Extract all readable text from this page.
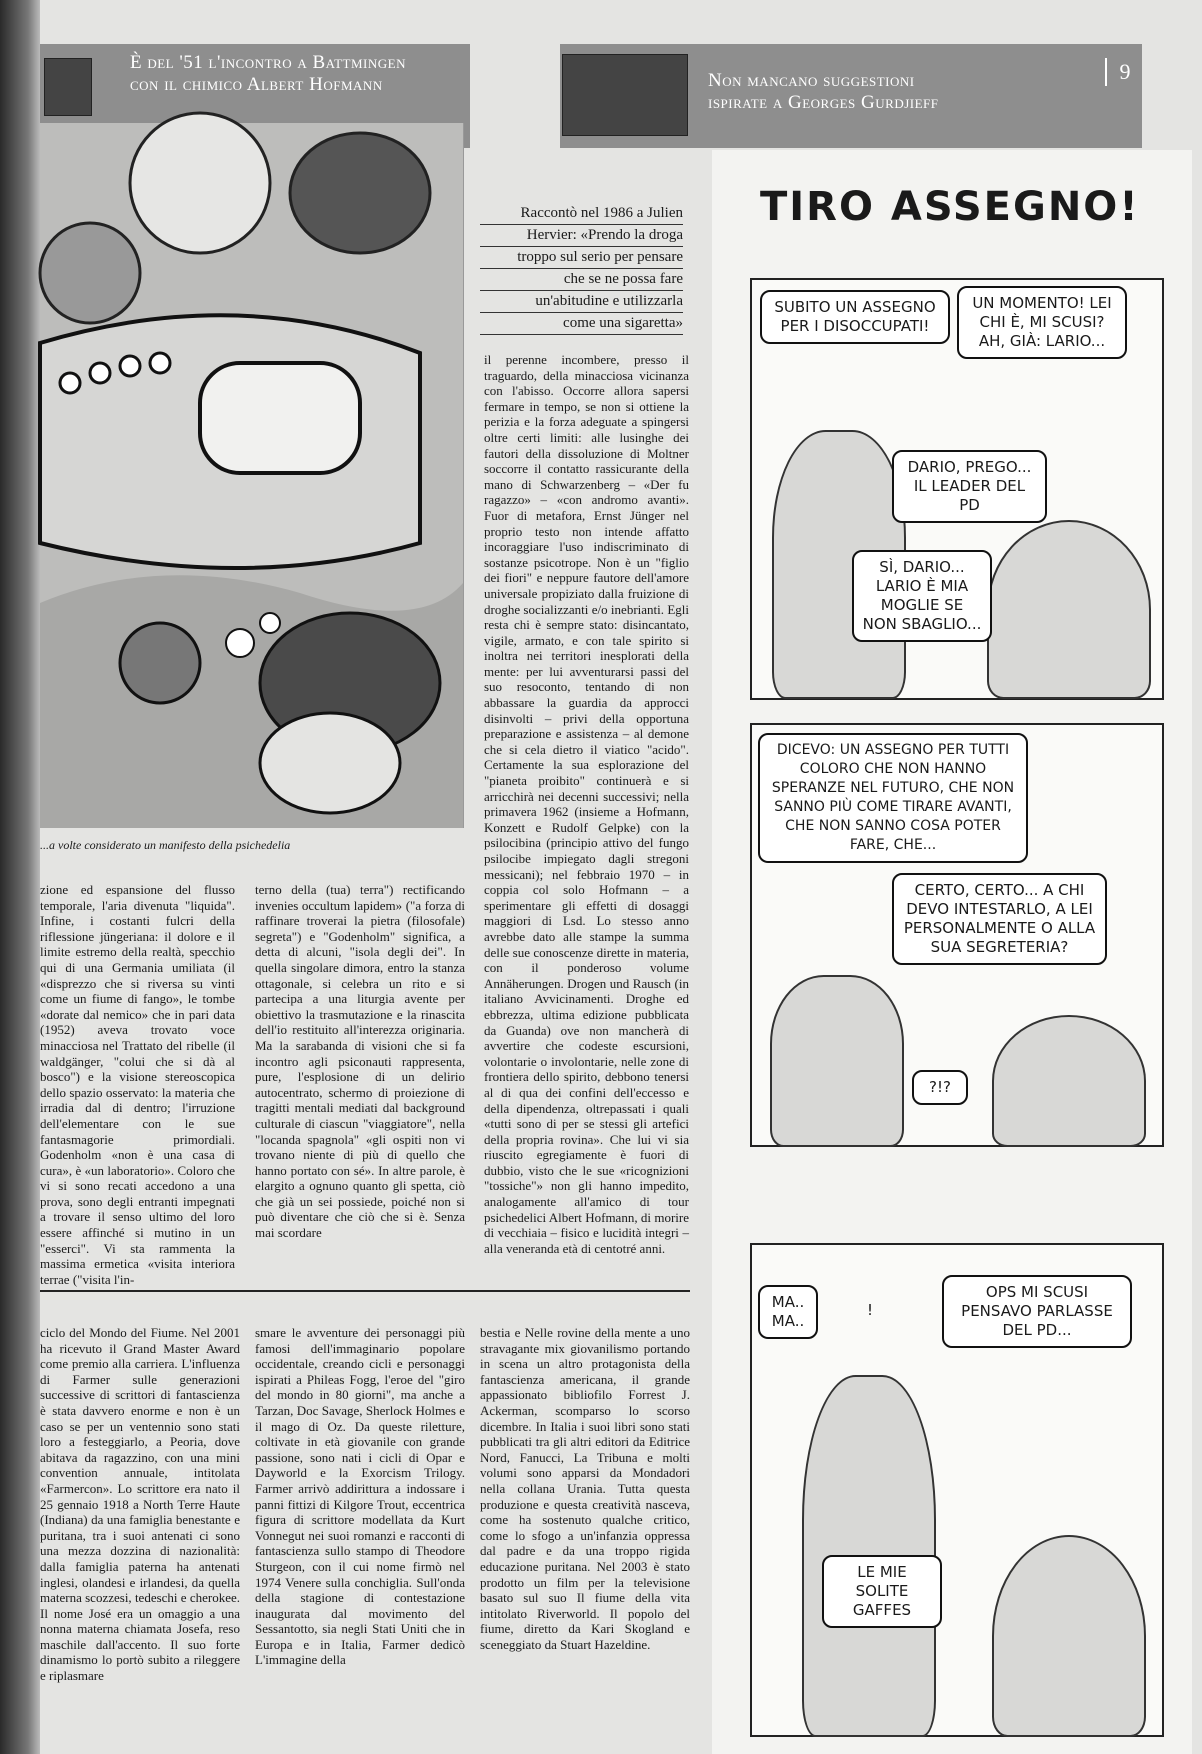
È del '51 l'incontro a Battmingen
con il chimico Albert Hofmann	Non mancano suggestioni
ispirate a Georges Gurdjieff
9
...a volte considerato un manifesto della psichedelia
Raccontò nel 1986 a Julien
Hervier: «Prendo la droga
troppo sul serio per pensare
che se ne possa fare
un'abitudine e utilizzarla
come una sigaretta»
il perenne incombere, presso il traguardo, della minacciosa vicinanza con l'abisso. Occorre allora sapersi fermare in tempo, se non si ottiene la perizia e la forza adeguate a spingersi oltre certi limiti: alle lusinghe dei fautori della dissoluzione di Moltner soccorre il contatto rassicurante della mano di Schwarzenberg – «Der fu ragazzo» – «con andromo avanti». Fuor di metafora, Ernst Jünger nel proprio testo non intende affatto incoraggiare l'uso indiscriminato di sostanze psicotrope. Non è un "figlio dei fiori" e neppure fautore dell'amore universale propiziato dalla fruizione di droghe socializzanti e/o inebrianti. Egli resta chi è sempre stato: disincantato, vigile, armato, e con tale spirito si inoltra nei territori inesplorati della mente: per lui avventurarsi passi del suo resoconto, tentando di non abbassare la guardia da approcci disinvolti – privi della opportuna preparazione e assistenza – al demone che si cela dietro il viatico "acido". Certamente la sua esplorazione del "pianeta proibito" continuerà e si arricchirà nei decenni successivi; nella primavera 1962 (insieme a Hofmann, Konzett e Rudolf Gelpke) con la psilocibina (principio attivo del fungo psilocibe impiegato dagli stregoni messicani); nel febbraio 1970 – in coppia col solo Hofmann – a sperimentare gli effetti di dosaggi maggiori di Lsd. Lo stesso anno avrebbe dato alle stampe la summa delle sue conoscenze dirette in materia, con il ponderoso volume Annäherungen. Drogen und Rausch (in italiano Avvicinamenti. Droghe ed ebbrezza, ultima edizione pubblicata da Guanda) ove non mancherà di avvertire che codeste escursioni, volontarie o involontarie, nelle zone di frontiera dello spirito, debbono tenersi al di qua dei confini dell'eccesso e della dipendenza, oltrepassati i quali «tutti sono di per se stessi gli artefici della propria rovina». Che lui vi sia riuscito egregiamente è fuori di dubbio, visto che le sue «ricognizioni "tossiche"» non gli hanno impedito, analogamente all'amico di tour psichedelici Albert Hofmann, di morire di vecchiaia – fisico e lucidità integri – alla veneranda età di centotré anni.
zione ed espansione del flusso temporale, l'aria divenuta "liquida". Infine, i costanti fulcri della riflessione jüngeriana: il dolore e il limite estremo della realtà, specchio qui di una Germania umiliata (il «disprezzo che si riversa su vinti come un fiume di fango», le tombe «dorate dal nemico» che in pari data (1952) aveva trovato voce minacciosa nel Trattato del ribelle (il waldgänger, "colui che si dà al bosco") e la visione stereoscopica dello spazio osservato: la materia che irradia dal di dentro; l'irruzione dell'elementare con le sue fantasmagorie primordiali. Godenholm «non è una casa di cura», è «un laboratorio». Coloro che vi si sono recati accedono a una prova, sono degli entranti impegnati a trovare il senso ultimo del loro essere affinché si mutino in un "esserci". Vi sta rammenta la massima ermetica «visita interiora terrae ("visita l'in-
terno della (tua) terra") rectificando invenies occultum lapidem» ("a forza di raffinare troverai la pietra (filosofale) segreta") e "Godenholm" significa, a detta di alcuni, "isola degli dei". In quella singolare dimora, entro la stanza ottagonale, si celebra un rito e si partecipa a una liturgia avente per obiettivo la trasmutazione e la rinascita dell'io restituito all'interezza originaria. Ma la sarabanda di visioni che si fa incontro agli psiconauti rappresenta, pure, l'esplosione di un delirio autocentrato, schermo di proiezione di tragitti mentali mediati dal background culturale di ciascun "viaggiatore", nella "locanda spagnola" «gli ospiti non vi trovano niente di più di quello che hanno portato con sé». In altre parole, è elargito a ognuno quanto gli spetta, ciò che già un sei possiede, poiché non si può diventare che ciò che si è. Senza mai scordare
ciclo del Mondo del Fiume. Nel 2001 ha ricevuto il Grand Master Award come premio alla carriera. L'influenza di Farmer sulle generazioni successive di scrittori di fantascienza è stata davvero enorme e non è un caso se per un ventennio sono stati loro a festeggiarlo, a Peoria, dove abitava da ragazzino, con una mini convention annuale, intitolata «Farmercon». Lo scrittore era nato il 25 gennaio 1918 a North Terre Haute (Indiana) da una famiglia benestante e puritana, tra i suoi antenati ci sono una mezza dozzina di nazionalità: dalla famiglia paterna ha antenati inglesi, olandesi e irlandesi, da quella materna scozzesi, tedeschi e cherokee. Il nome José era un omaggio a una nonna materna chiamata Josefa, reso maschile dall'accento. Il suo forte dinamismo lo portò subito a rileggere e riplasmare
smare le avventure dei personaggi più famosi dell'immaginario popolare occidentale, creando cicli e personaggi ispirati a Phileas Fogg, l'eroe del "giro del mondo in 80 giorni", ma anche a Tarzan, Doc Savage, Sherlock Holmes e il mago di Oz. Da queste riletture, coltivate in età giovanile con grande passione, sono nati i cicli di Opar e Dayworld e la Exorcism Trilogy. Farmer arrivò addirittura a indossare i panni fittizi di Kilgore Trout, eccentrica figura di scrittore modellata da Kurt Vonnegut nei suoi romanzi e racconti di fantascienza sullo stampo di Theodore Sturgeon, con il cui nome firmò nel 1974 Venere sulla conchiglia. Sull'onda della stagione di contestazione inaugurata dal movimento del Sessantotto, sia negli Stati Uniti che in Europa e in Italia, Farmer dedicò L'immagine della
bestia e Nelle rovine della mente a uno stravagante mix giovanilismo portando in scena un altro protagonista della fantascienza americana, il grande appassionato bibliofilo Forrest J. Ackerman, scomparso lo scorso dicembre. In Italia i suoi libri sono stati pubblicati tra gli altri editori da Editrice Nord, Fanucci, La Tribuna e molti volumi sono apparsi da Mondadori nella collana Urania. Tutta questa produzione e questa creatività nasceva, come ha sostenuto qualche critico, come lo sfogo a un'infanzia oppressa dal padre e da una troppo rigida educazione puritana. Nel 2003 è stato prodotto un film per la televisione basato sul suo Il fiume della vita intitolato Riverworld. Il popolo del fiume, diretto da Kari Skogland e sceneggiato da Stuart Hazeldine.
TIRO ASSEGNO!
SUBITO UN ASSEGNO PER I DISOCCUPATI!
UN MOMENTO! LEI CHI È, MI SCUSI? AH, GIÀ: LARIO...
DARIO, PREGO... IL LEADER DEL PD
SÌ, DARIO... LARIO È MIA MOGLIE SE NON SBAGLIO...
DICEVO: UN ASSEGNO PER TUTTI COLORO CHE NON HANNO SPERANZE NEL FUTURO, CHE NON SANNO PIÙ COME TIRARE AVANTI, CHE NON SANNO COSA POTER FARE, CHE...
CERTO, CERTO... A CHI DEVO INTESTARLO, A LEI PERSONALMENTE O ALLA SUA SEGRETERIA?
?!?
MA.. MA..
!
OPS MI SCUSI PENSAVO PARLASSE DEL PD...
LE MIE SOLITE GAFFES
